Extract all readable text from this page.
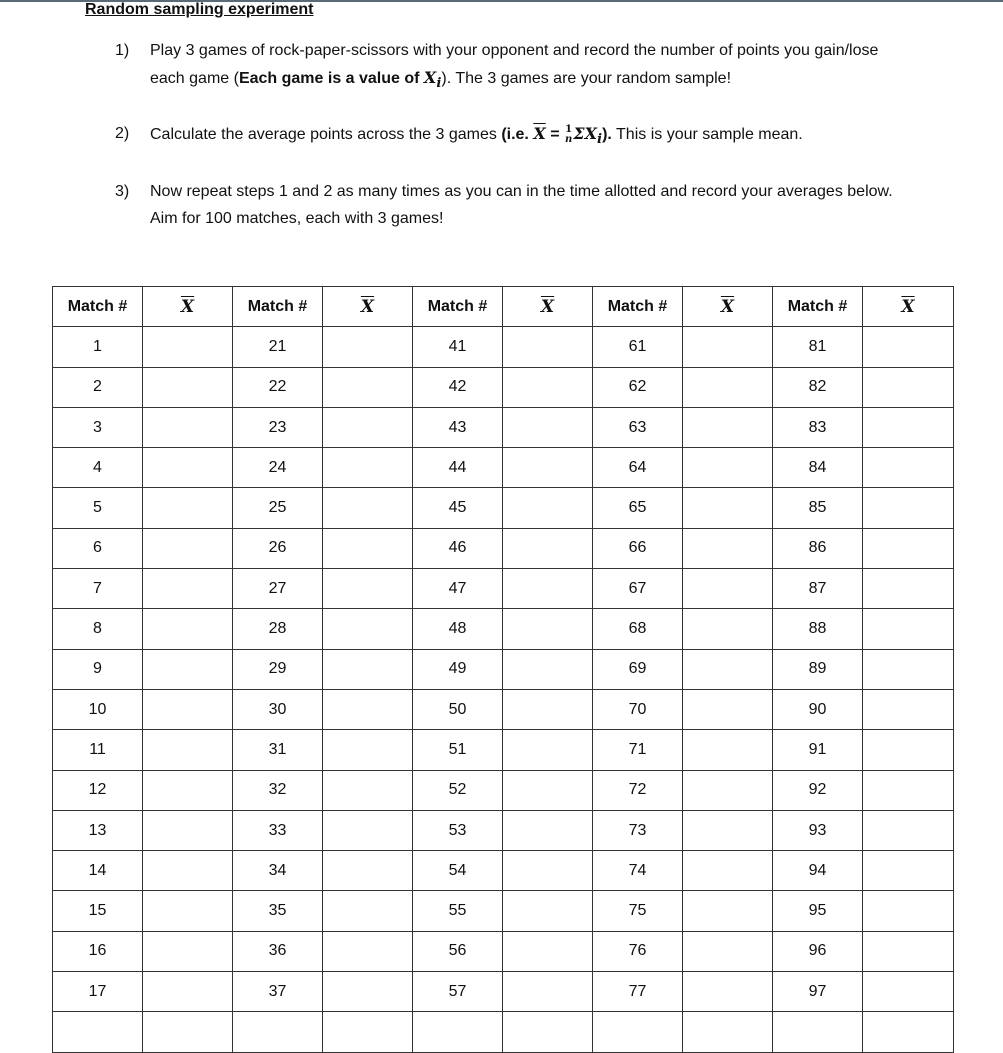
Random sampling experiment
1)	Play 3 games of rock-paper-scissors with your opponent and record the number of points you gain/lose each game (Each game is a value of $X_i$). The 3 games are your random sample!
2)	Calculate the average points across the 3 games (i.e. $\overline{X} = 1$
n $\Sigma X_i$). This is your sample mean.
3)	Now repeat steps 1 and 2 as many times as you can in the time allotted and record your averages below. Aim for 100 matches, each with 3 games!
Match #	$\overline{X}$	Match #	$\overline{X}$	Match #	$\overline{X}$	Match #	$\overline{X}$	Match #	$\overline{X}$
1		21		41		61		81	
2		22		42		62		82	
3		23		43		63		83	
4		24		44		64		84	
5		25		45		65		85	
6		26		46		66		86	
7		27		47		67		87	
8		28		48		68		88	
9		29		49		69		89	
10		30		50		70		90	
11		31		51		71		91	
12		32		52		72		92	
13		33		53		73		93	
14		34		54		74		94	
15		35		55		75		95	
16		36		56		76		96	
17		37		57		77		97	
